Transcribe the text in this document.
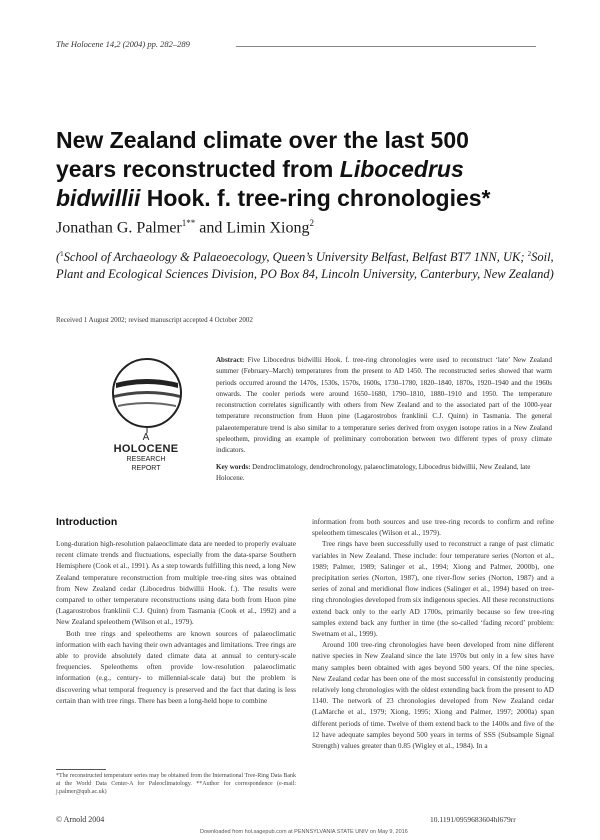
The Holocene 14,2 (2004) pp. 282–289
New Zealand climate over the last 500
years reconstructed from Libocedrus
bidwillii Hook. f. tree-ring chronologies*
Jonathan G. Palmer$^{1**}$ and Limin Xiong$^2$
($^1$School of Archaeology & Palaeoecology, Queen’s University Belfast, Belfast BT7 1NN, UK; $^2$Soil, Plant and Ecological Sciences Division, PO Box 84, Lincoln University, Canterbury, New Zealand)
Received 1 August 2002; revised manuscript accepted 4 October 2002
A
HOLOCENE
RESEARCH
REPORT
Abstract: Five Libocedrus bidwillii Hook. f. tree-ring chronologies were used to reconstruct ‘late’ New Zealand summer (February–March) temperatures from the present to AD 1450. The reconstructed series showed that warm periods occurred around the 1470s, 1530s, 1570s, 1600s, 1730–1780, 1820–1840, 1870s, 1920–1940 and the 1960s onwards. The cooler periods were around 1650–1680, 1790–1810, 1880–1910 and 1950. The temperature reconstruction correlates significantly with others from New Zealand and to the associated part of the 1000-year temperature reconstruction from Huon pine (Lagarostrobos franklinii C.J. Quinn) in Tasmania. The general palaeotemperature trend is also similar to a temperature series derived from oxygen isotope ratios in a New Zealand speleothem, providing an example of preliminary corroboration between two different types of proxy climate indicators.
Key words: Dendroclimatology, dendrochronology, palaeoclimatology, Libocedrus bidwillii, New Zealand, late Holocene.
Introduction

Long-duration high-resolution palaeoclimate data are needed to properly evaluate recent climate trends and fluctuations, especially from the data-sparse Southern Hemisphere (Cook et al., 1991). As a step towards fulfilling this need, a long New Zealand temperature reconstruction from multiple tree-ring sites was obtained from New Zealand cedar (Libocedrus bidwillii Hook. f.). The results were compared to other temperature reconstructions using data both from Huon pine (Lagarostrobos franklinii C.J. Quinn) from Tasmania (Cook et al., 1992) and a New Zealand speleothem (Wilson et al., 1979).

Both tree rings and speleothems are known sources of palaeoclimatic information with each having their own advantages and limitations. Tree rings are able to provide absolutely dated climate data at annual to century-scale frequencies. Speleothems often provide low-resolution palaeoclimatic information (e.g., century- to millennial-scale data) but the problem is discovering what temporal frequency is preserved and the fact that dating is less certain than with tree rings. There has been a long-held hope to combine

information from both sources and use tree-ring records to confirm and refine speleothem timescales (Wilson et al., 1979).

Tree rings have been successfully used to reconstruct a range of past climatic variables in New Zealand. These include: four temperature series (Norton et al., 1989; Palmer, 1989; Salinger et al., 1994; Xiong and Palmer, 2000b), one precipitation series (Norton, 1987), one river-flow series (Norton, 1987) and a series of zonal and meridional flow indices (Salinger et al., 1994) based on tree-ring chronologies developed from six indigenous species. All these reconstructions extend back only to the early AD 1700s, primarily because so few tree-ring samples extend back any further in time (the so-called ‘fading record’ problem: Swetnam et al., 1999).

Around 100 tree-ring chronologies have been developed from nine different native species in New Zealand since the late 1970s but only in a few sites have many samples been obtained with ages beyond 500 years. Of the nine species, New Zealand cedar has been one of the most successful in consistently producing relatively long chronologies with the oldest extending back from the present to AD 1140. The network of 23 chronologies developed from New Zealand cedar (LaMarche et al., 1979; Xiong, 1995; Xiong and Palmer, 1997; 2000a) span different periods of time. Twelve of them extend back to the 1400s and five of the 12 have adequate samples beyond 500 years in terms of SSS (Subsample Signal Strength) values greater than 0.85 (Wigley et al., 1984). In a

*The reconstructed temperature series may be obtained from the International Tree-Ring Data Bank at the World Data Center-A for Paleoclimatology. **Author for correspondence (e-mail: j.palmer@qub.ac.uk)
© Arnold 2004	10.1191/0959683604hl679rr
Downloaded from hol.sagepub.com at PENNSYLVANIA STATE UNIV on May 9, 2016
